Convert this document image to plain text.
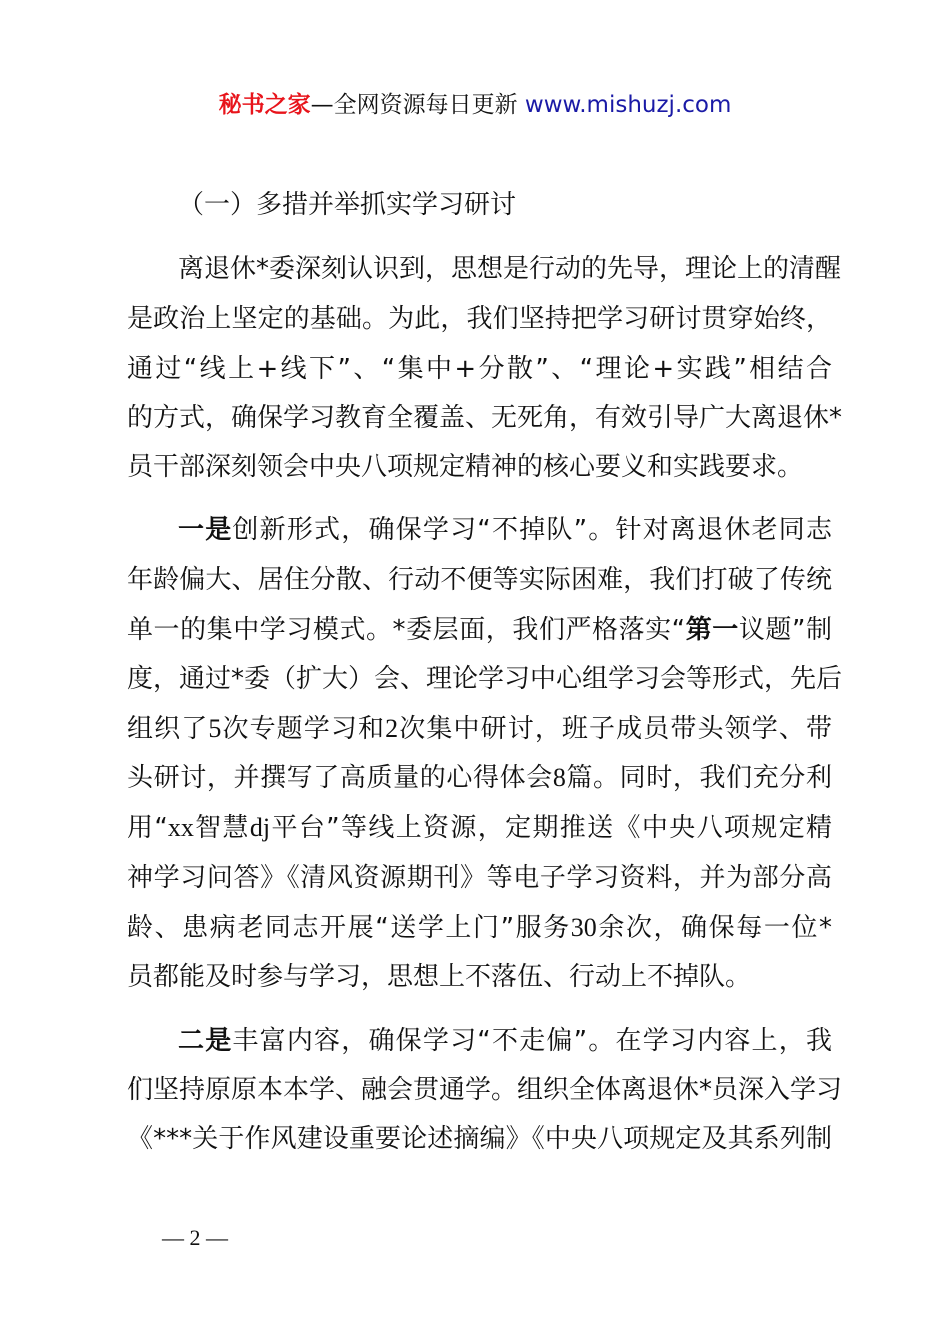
秘书之家—全网资源每日更新 www.mishuzj.com
（一）多措并举抓实学习研讨
离退休*委深刻认识到，思想是行动的先导，理论上的清醒
是政治上坚定的基础。为此，我们坚持把学习研讨贯穿始终，
通过“线上+线下”、“集中+分散”、“理论+实践”相结合
的方式，确保学习教育全覆盖、无死角，有效引导广大离退休*
员干部深刻领会中央八项规定精神的核心要义和实践要求。
一是创新形式，确保学习“不掉队”。针对离退休老同志
年龄偏大、居住分散、行动不便等实际困难，我们打破了传统
单一的集中学习模式。*委层面，我们严格落实“第一议题”制
度，通过*委（扩大）会、理论学习中心组学习会等形式，先后
组织了5次专题学习和2次集中研讨，班子成员带头领学、带
头研讨，并撰写了高质量的心得体会8篇。同时，我们充分利
用“xx智慧dj平台”等线上资源，定期推送《中央八项规定精
神学习问答》《清风资源期刊》等电子学习资料，并为部分高
龄、患病老同志开展“送学上门”服务30余次，确保每一位*
员都能及时参与学习，思想上不落伍、行动上不掉队。
二是丰富内容，确保学习“不走偏”。在学习内容上，我
们坚持原原本本学、融会贯通学。组织全体离退休*员深入学习
《***关于作风建设重要论述摘编》《中央八项规定及其系列制
— 2 —
